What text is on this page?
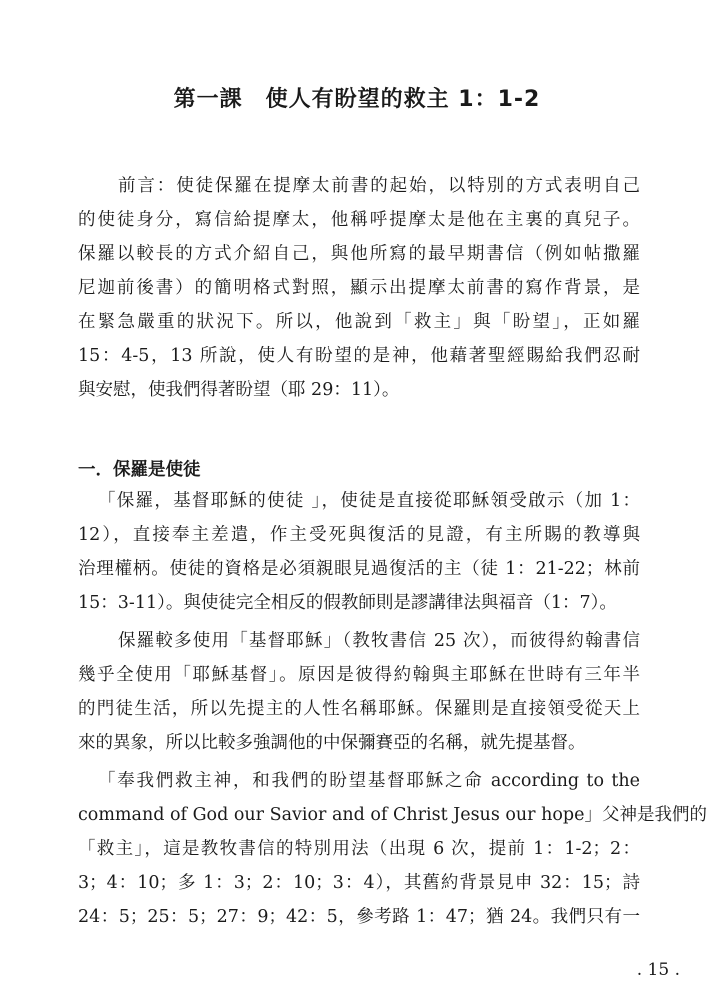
第一課　使人有盼望的救主 1：1-2
前言：使徒保羅在提摩太前書的起始，以特別的方式表明自己
的使徒身分，寫信給提摩太，他稱呼提摩太是他在主裏的真兒子。
保羅以較長的方式介紹自己，與他所寫的最早期書信（例如帖撒羅
尼迦前後書）的簡明格式對照，顯示出提摩太前書的寫作背景，是
在緊急嚴重的狀況下。所以，他說到「救主」與「盼望」，正如羅
15：4-5，13 所說，使人有盼望的是神，他藉著聖經賜給我們忍耐
與安慰，使我們得著盼望（耶 29：11）。
一．保羅是使徒
「保羅，基督耶穌的使徒 」，使徒是直接從耶穌領受啟示（加 1：
12），直接奉主差遣，作主受死與復活的見證，有主所賜的教導與
治理權柄。使徒的資格是必須親眼見過復活的主（徒 1：21-22；林前
15：3-11）。與使徒完全相反的假教師則是謬講律法與福音（1：7）。
保羅較多使用「基督耶穌」（教牧書信 25 次），而彼得約翰書信
幾乎全使用「耶穌基督」。原因是彼得約翰與主耶穌在世時有三年半
的門徒生活，所以先提主的人性名稱耶穌。保羅則是直接領受從天上
來的異象，所以比較多強調他的中保彌賽亞的名稱，就先提基督。
「奉我們救主神，和我們的盼望基督耶穌之命 according to the
command of God our Savior and of Christ Jesus our hope」父神是我們的
「救主」，這是教牧書信的特別用法（出現 6 次，提前 1：1-2；2：
3；4：10；多 1：3；2：10；3：4），其舊約背景見申 32：15；詩
24：5；25：5；27：9；42：5，參考路 1：47；猶 24。我們只有一
. 15 .
